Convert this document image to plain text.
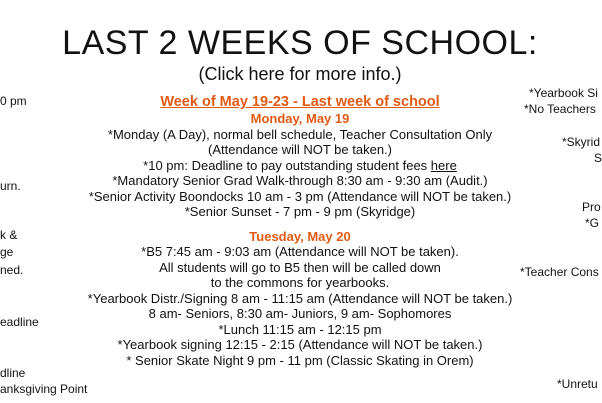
LAST 2 WEEKS OF SCHOOL:
(Click here for more info.)
0 pm
urn.
k &
ge
ned.
eadline
dline
anksgiving Point
*Yearbook Si
*No Teachers
*Skyrid
S
Pro
*G
*Teacher Cons
*Unretu
Week of May 19-23 - Last week of school
Monday, May 19
*Monday (A Day), normal bell schedule, Teacher Consultation Only
(Attendance will NOT be taken.)
*10 pm: Deadline to pay outstanding student fees here
*Mandatory Senior Grad Walk-through 8:30 am - 9:30 am (Audit.)
*Senior Activity Boondocks 10 am - 3 pm (Attendance will NOT be taken.)
*Senior Sunset - 7 pm - 9 pm (Skyridge)
Tuesday, May 20
*B5 7:45 am - 9:03 am (Attendance will NOT be taken).
All students will go to B5 then will be called down
to the commons for yearbooks.
*Yearbook Distr./Signing 8 am - 11:15 am (Attendance will NOT be taken.)
8 am- Seniors, 8:30 am- Juniors, 9 am- Sophomores
*Lunch 11:15 am - 12:15 pm
*Yearbook signing 12:15 - 2:15 (Attendance will NOT be taken.)
* Senior Skate Night 9 pm - 11 pm (Classic Skating in Orem)
